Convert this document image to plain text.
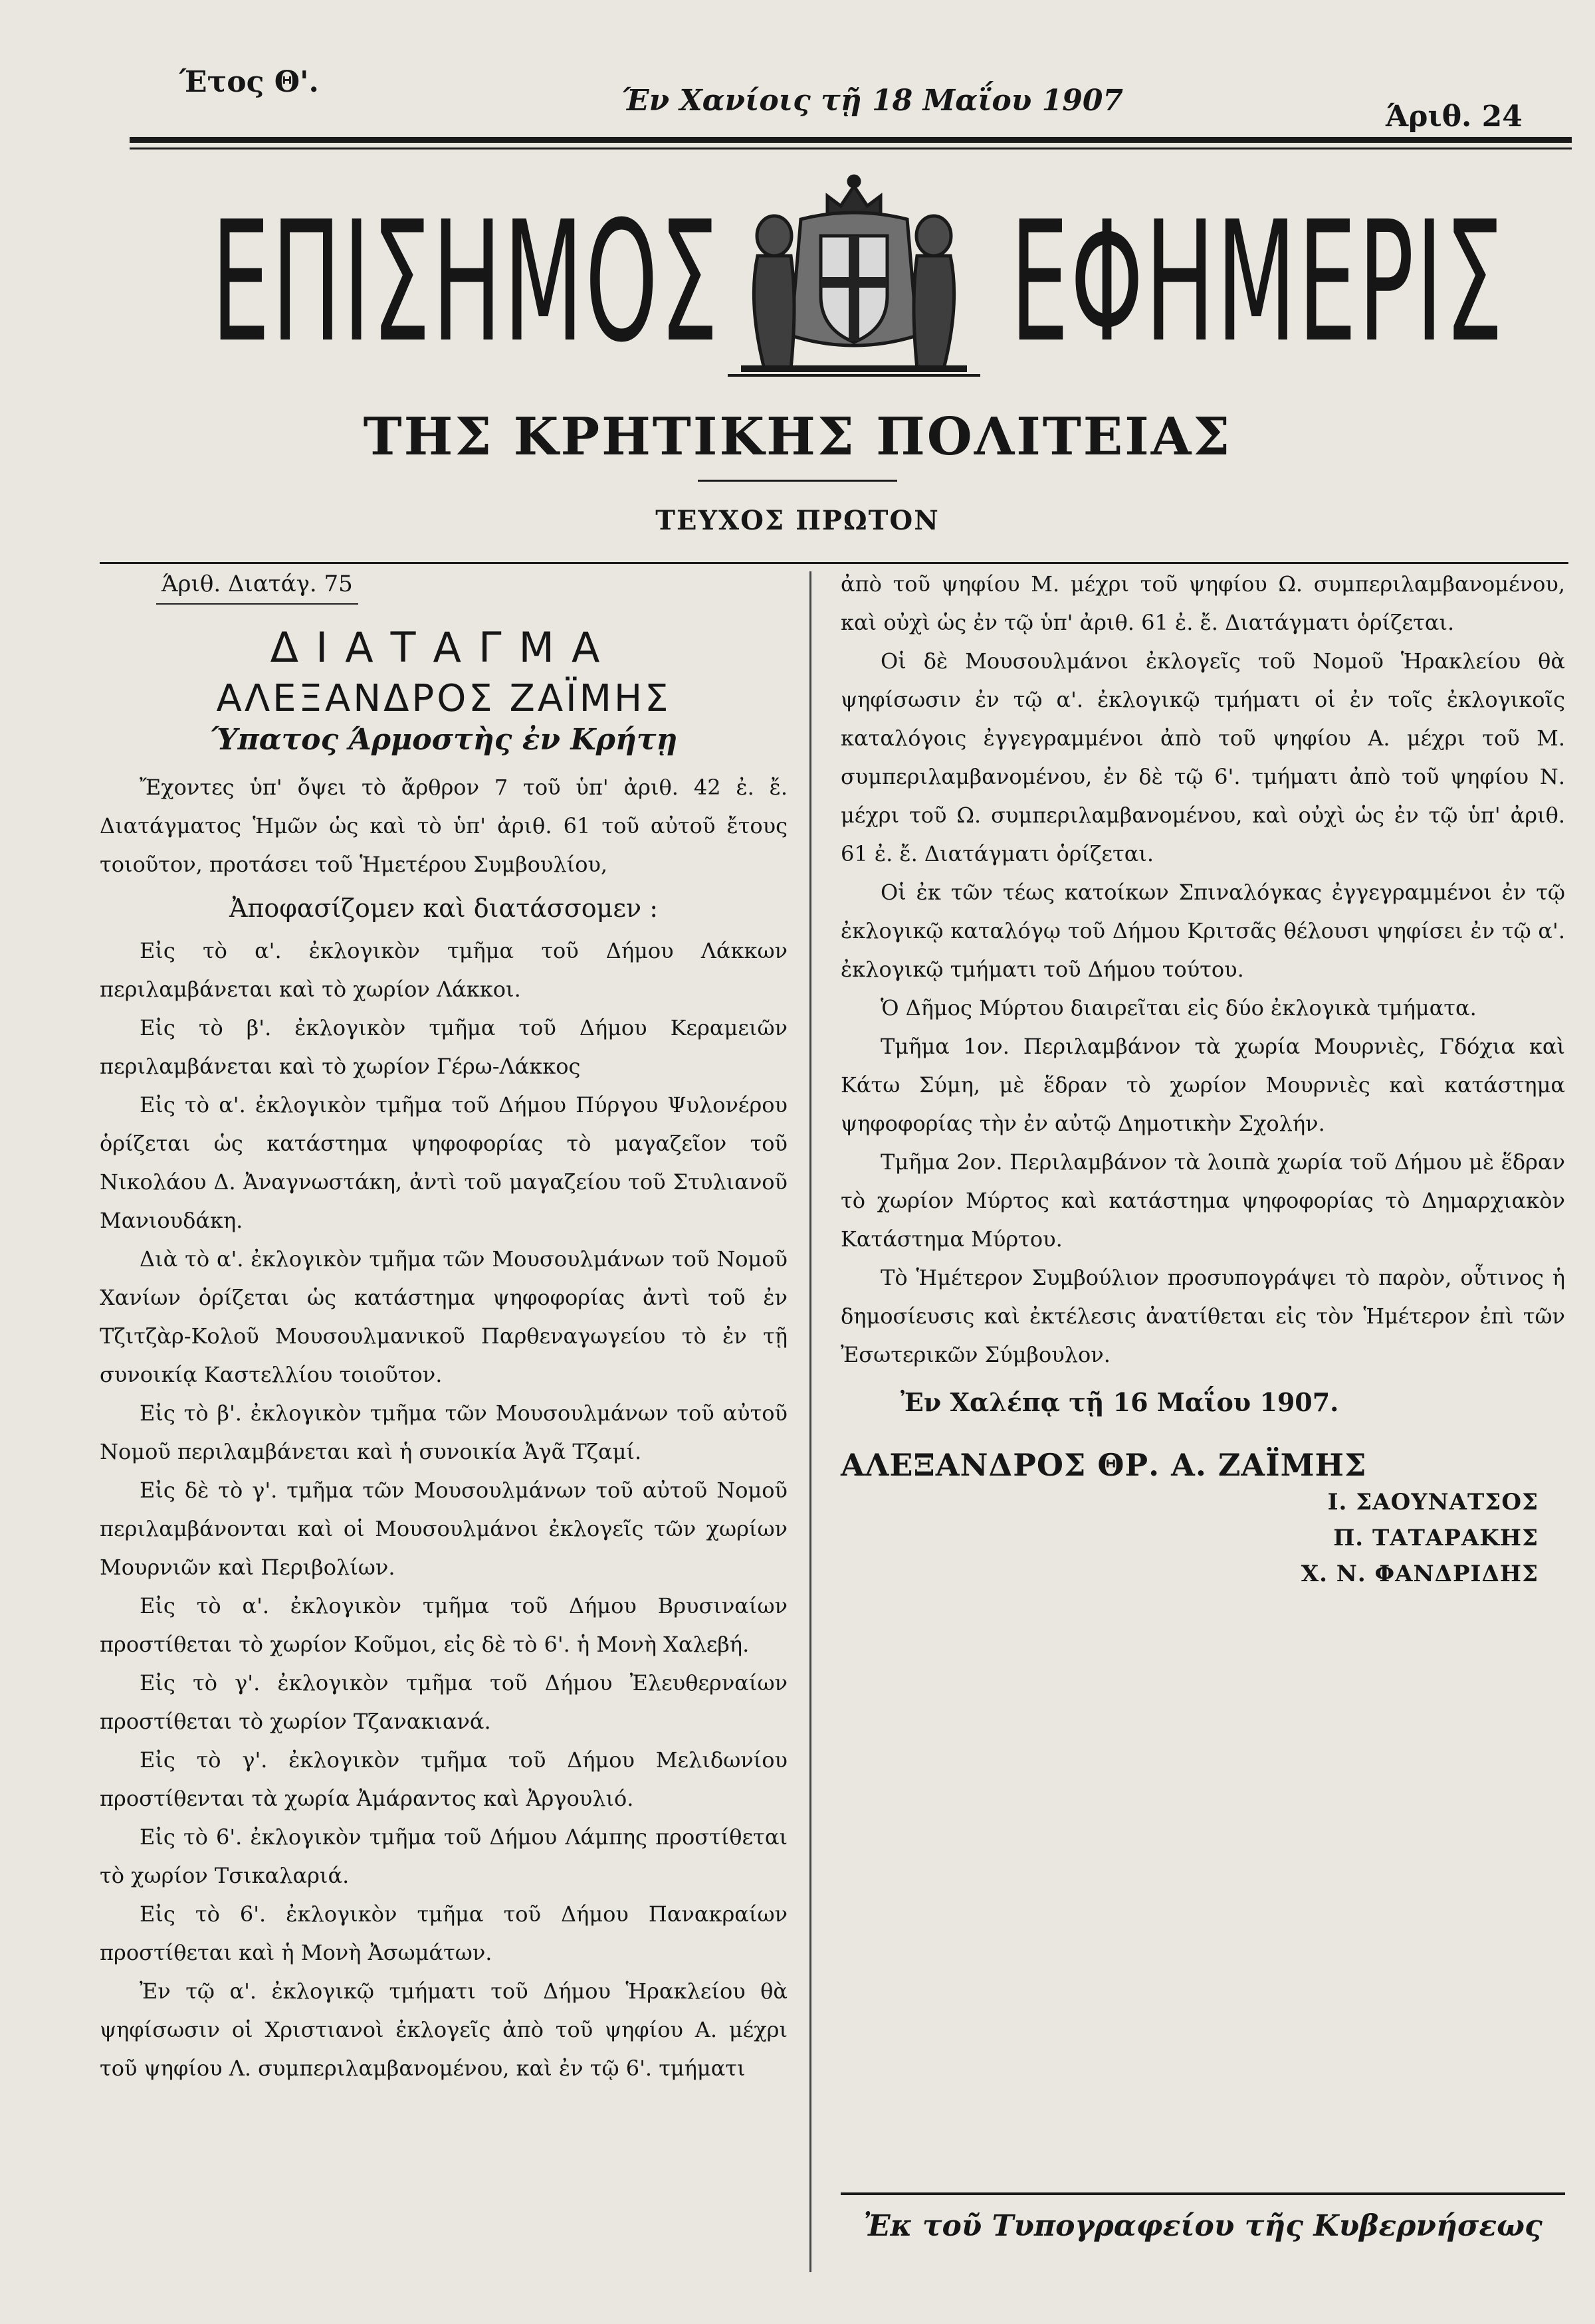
Έτος Θ'.
Έν Χανίοις τῇ 18 Μαΐου 1907	Άριθ. 24
ΕΠΙΣΗΜΟΣ ΕΦΗΜΕΡΙΣ
ΤΗΣ ΚΡΗΤΙΚΗΣ ΠΟΛΙΤΕΙΑΣ
ΤΕΥΧΟΣ ΠΡΩΤΟΝ
Άριθ. Διατάγ. 75
ΔΙΑΤΑΓΜΑ
ΑΛΕΞΑΝΔΡΟΣ ΖΑΪΜΗΣ
Ύπατος Άρμοστὴς ἐν Κρήτῃ

Ἔχοντες ὑπ' ὄψει τὸ ἄρθρον 7 τοῦ ὑπ' ἀριθ. 42 ἐ. ἔ. Διατάγματος Ἡμῶν ὡς καὶ τὸ ὑπ' ἀριθ. 61 τοῦ αὐτοῦ ἔτους τοιοῦτον, προτάσει τοῦ Ἡμετέρου Συμβουλίου,

Ἀποφασίζομεν καὶ διατάσσομεν :

Εἰς τὸ α'. ἐκλογικὸν τμῆμα τοῦ Δήμου Λάκκων περιλαμβάνεται καὶ τὸ χωρίον Λάκκοι.

Εἰς τὸ β'. ἐκλογικὸν τμῆμα τοῦ Δήμου Κεραμειῶν περιλαμβάνεται καὶ τὸ χωρίον Γέρω-Λάκκος

Εἰς τὸ α'. ἐκλογικὸν τμῆμα τοῦ Δήμου Πύργου Ψυλονέρου ὁρίζεται ὡς κατάστημα ψηφοφορίας τὸ μαγαζεῖον τοῦ Νικολάου Δ. Ἀναγνωστάκη, ἀντὶ τοῦ μαγαζείου τοῦ Στυλιανοῦ Μανιουδάκη.

Διὰ τὸ α'. ἐκλογικὸν τμῆμα τῶν Μουσουλμάνων τοῦ Νομοῦ Χανίων ὁρίζεται ὡς κατάστημα ψηφοφορίας ἀντὶ τοῦ ἐν Τζιτζὰρ-Κολοῦ Μουσουλμανικοῦ Παρθεναγωγείου τὸ ἐν τῇ συνοικίᾳ Καστελλίου τοιοῦτον.

Εἰς τὸ β'. ἐκλογικὸν τμῆμα τῶν Μουσουλμάνων τοῦ αὐτοῦ Νομοῦ περιλαμβάνεται καὶ ἡ συνοικία Ἀγᾶ Τζαμί.

Εἰς δὲ τὸ γ'. τμῆμα τῶν Μουσουλμάνων τοῦ αὐτοῦ Νομοῦ περιλαμβάνονται καὶ οἱ Μουσουλμάνοι ἐκλογεῖς τῶν χωρίων Μουρνιῶν καὶ Περιβολίων.

Εἰς τὸ α'. ἐκλογικὸν τμῆμα τοῦ Δήμου Βρυσιναίων προστίθεται τὸ χωρίον Κοῦμοι, εἰς δὲ τὸ 6'. ἡ Μονὴ Χαλεβή.

Εἰς τὸ γ'. ἐκλογικὸν τμῆμα τοῦ Δήμου Ἐλευθερναίων προστίθεται τὸ χωρίον Τζανακιανά.

Εἰς τὸ γ'. ἐκλογικὸν τμῆμα τοῦ Δήμου Μελιδωνίου προστίθενται τὰ χωρία Ἀμάραντος καὶ Ἀργουλιό.

Εἰς τὸ 6'. ἐκλογικὸν τμῆμα τοῦ Δήμου Λάμπης προστίθεται τὸ χωρίον Τσικαλαριά.

Εἰς τὸ 6'. ἐκλογικὸν τμῆμα τοῦ Δήμου Πανακραίων προστίθεται καὶ ἡ Μονὴ Ἀσωμάτων.

Ἐν τῷ α'. ἐκλογικῷ τμήματι τοῦ Δήμου Ἡρακλείου θὰ ψηφίσωσιν οἱ Χριστιανοὶ ἐκλογεῖς ἀπὸ τοῦ ψηφίου Α. μέχρι τοῦ ψηφίου Λ. συμπεριλαμβανομένου, καὶ ἐν τῷ 6'. τμήματι

ἀπὸ τοῦ ψηφίου Μ. μέχρι τοῦ ψηφίου Ω. συμπεριλαμβανομένου, καὶ οὐχὶ ὡς ἐν τῷ ὑπ' ἀριθ. 61 ἐ. ἔ. Διατάγματι ὁρίζεται.

Οἱ δὲ Μουσουλμάνοι ἐκλογεῖς τοῦ Νομοῦ Ἡρακλείου θὰ ψηφίσωσιν ἐν τῷ α'. ἐκλογικῷ τμήματι οἱ ἐν τοῖς ἐκλογικοῖς καταλόγοις ἐγγεγραμμένοι ἀπὸ τοῦ ψηφίου Α. μέχρι τοῦ Μ. συμπεριλαμβανομένου, ἐν δὲ τῷ 6'. τμήματι ἀπὸ τοῦ ψηφίου Ν. μέχρι τοῦ Ω. συμπεριλαμβανομένου, καὶ οὐχὶ ὡς ἐν τῷ ὑπ' ἀριθ. 61 ἐ. ἔ. Διατάγματι ὁρίζεται.

Οἱ ἐκ τῶν τέως κατοίκων Σπιναλόγκας ἐγγεγραμμένοι ἐν τῷ ἐκλογικῷ καταλόγῳ τοῦ Δήμου Κριτσᾶς θέλουσι ψηφίσει ἐν τῷ α'. ἐκλογικῷ τμήματι τοῦ Δήμου τούτου.

Ὁ Δῆμος Μύρτου διαιρεῖται εἰς δύο ἐκλογικὰ τμήματα.

Τμῆμα 1ον. Περιλαμβάνον τὰ χωρία Μουρνιὲς, Γδόχια καὶ Κάτω Σύμη, μὲ ἕδραν τὸ χωρίον Μουρνιὲς καὶ κατάστημα ψηφοφορίας τὴν ἐν αὐτῷ Δημοτικὴν Σχολήν.

Τμῆμα 2ον. Περιλαμβάνον τὰ λοιπὰ χωρία τοῦ Δήμου μὲ ἕδραν τὸ χωρίον Μύρτος καὶ κατάστημα ψηφοφορίας τὸ Δημαρχιακὸν Κατάστημα Μύρτου.

Τὸ Ἡμέτερον Συμβούλιον προσυπογράψει τὸ παρὸν, οὗτινος ἡ δημοσίευσις καὶ ἐκτέλεσις ἀνατίθεται εἰς τὸν Ἡμέτερον ἐπὶ τῶν Ἐσωτερικῶν Σύμβουλον.

Ἐν Χαλέπᾳ τῇ 16 Μαΐου 1907.
ΑΛΕΞΑΝΔΡΟΣ ΘΡ. Α. ΖΑΪΜΗΣ
Ι. ΣΑΟΥΝΑΤΣΟΣ
Π. ΤΑΤΑΡΑΚΗΣ
Χ. Ν. ΦΑΝΔΡΙΔΗΣ
Ἐκ τοῦ Τυπογραφείου τῆς Κυβερνήσεως
